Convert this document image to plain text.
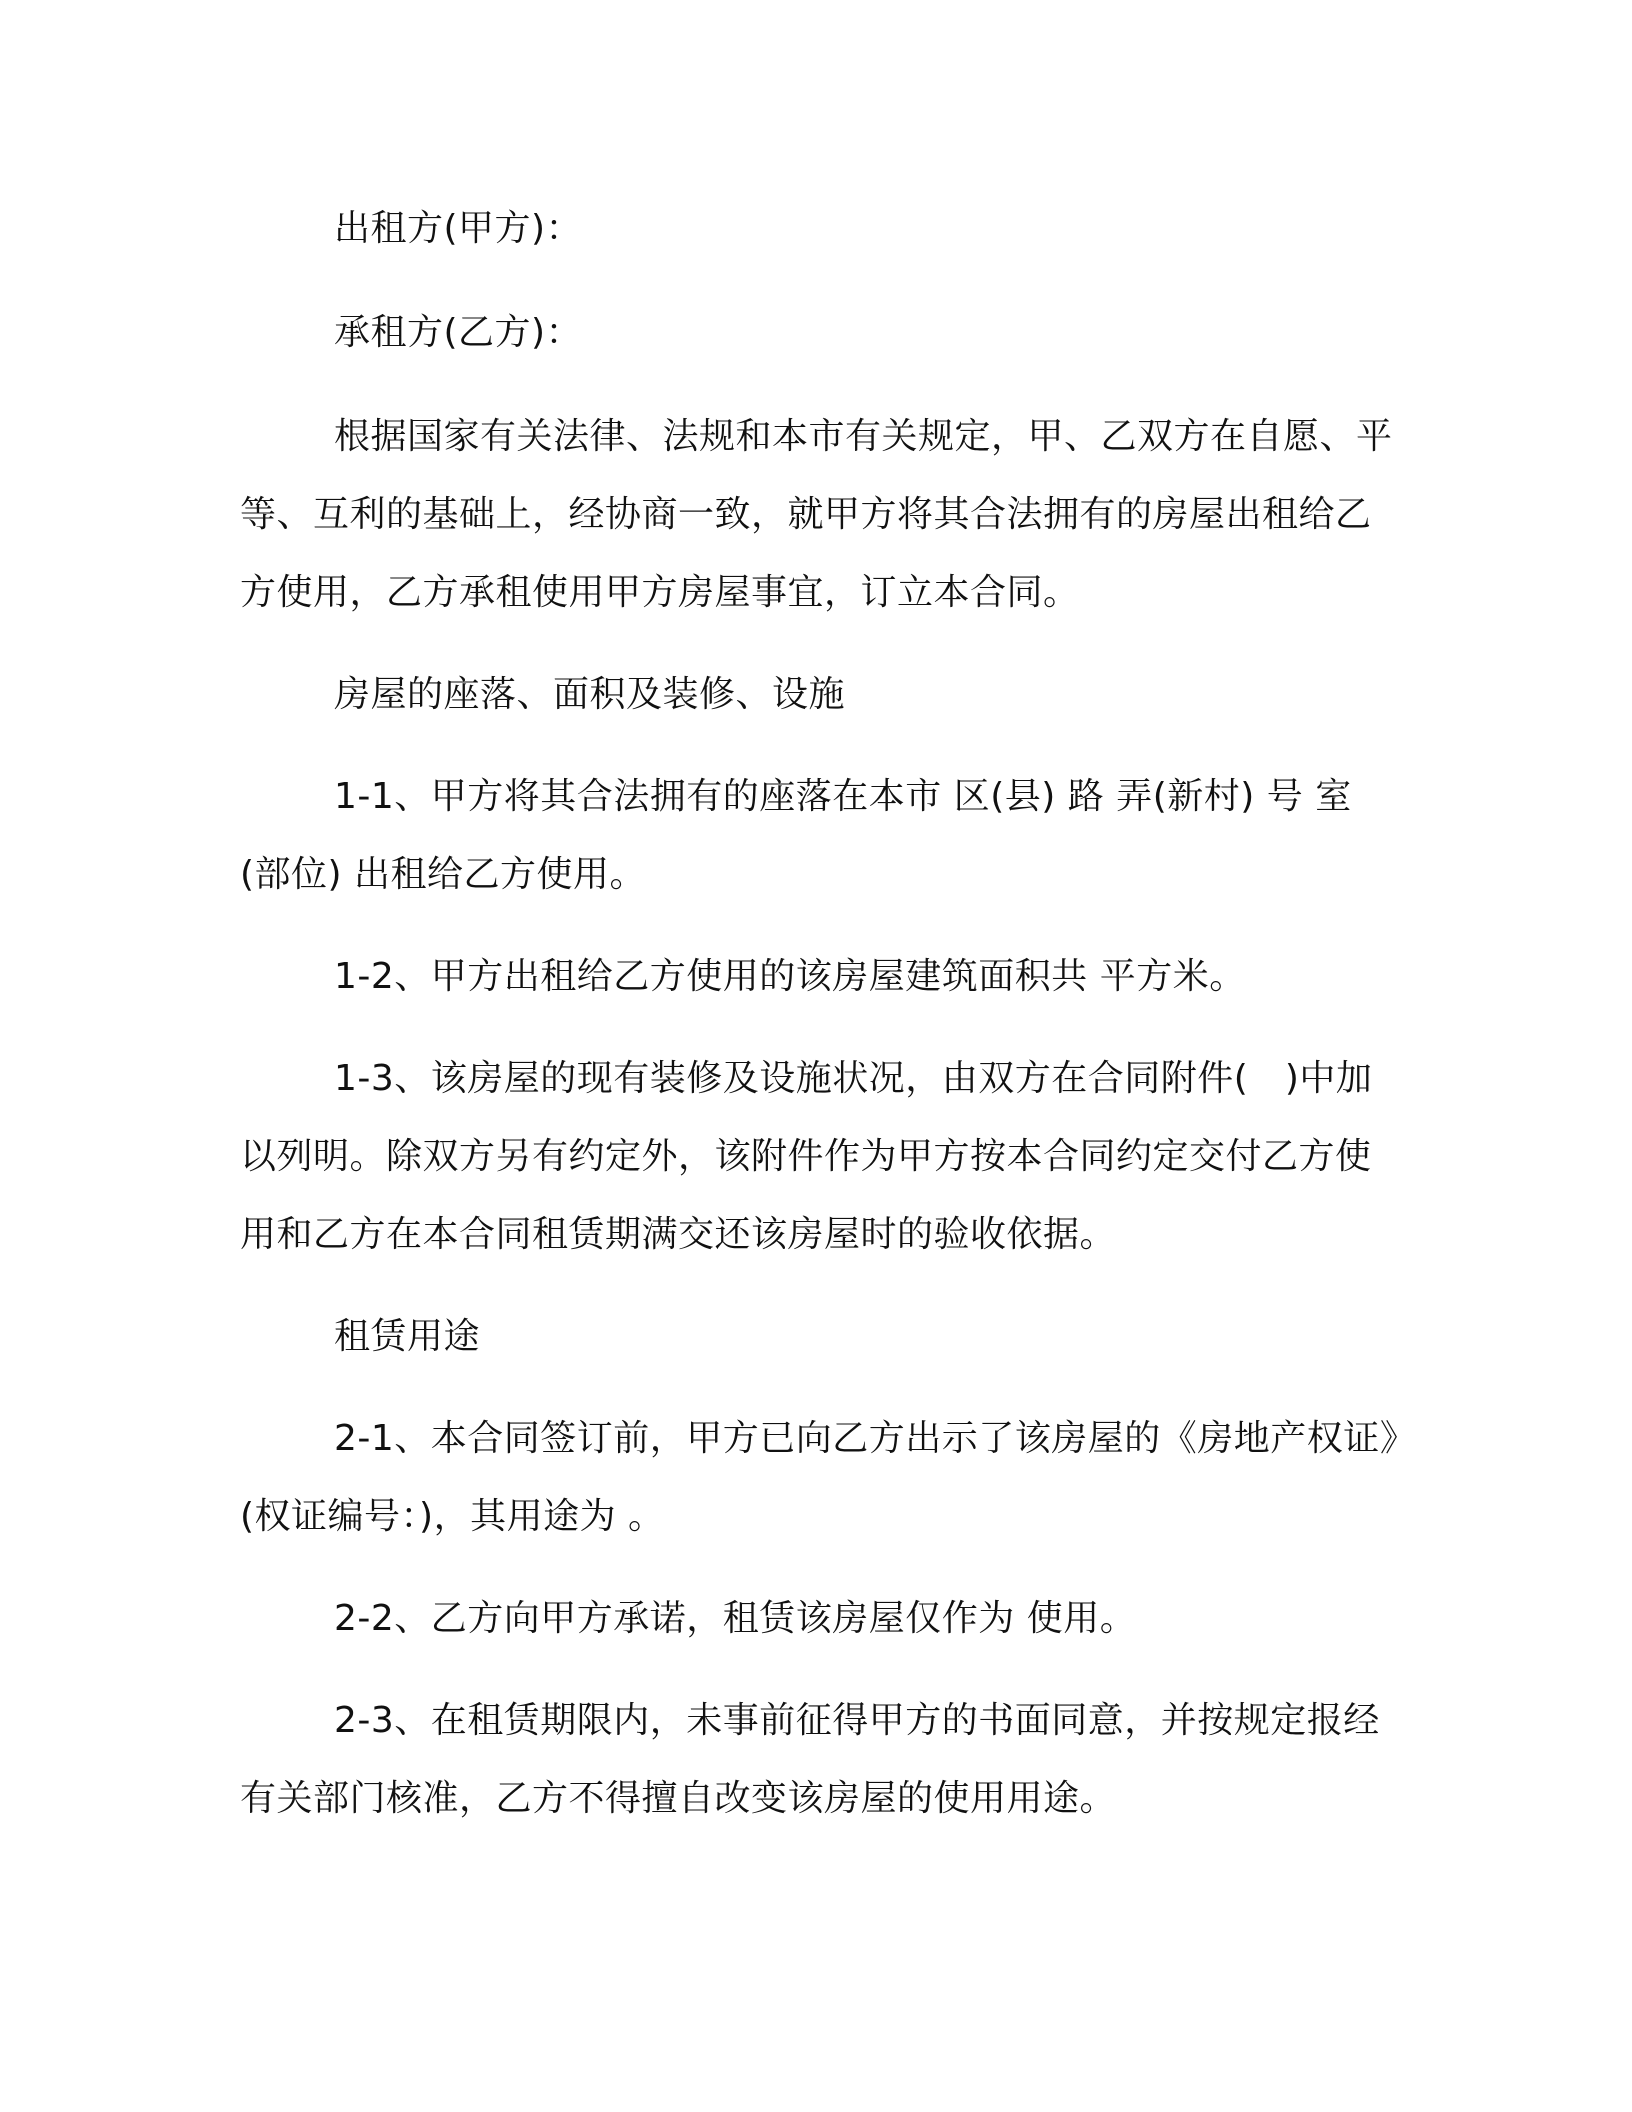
出租方(甲方)：

承租方(乙方)：

根据国家有关法律、法规和本市有关规定，甲、乙双方在自愿、平等、互利的基础上，经协商一致，就甲方将其合法拥有的房屋出租给乙方使用，乙方承租使用甲方房屋事宜，订立本合同。

房屋的座落、面积及装修、设施

1-1、甲方将其合法拥有的座落在本市 区(县) 路 弄(新村) 号 室(部位) 出租给乙方使用。

1-2、甲方出租给乙方使用的该房屋建筑面积共 平方米。

1-3、该房屋的现有装修及设施状况，由双方在合同附件(　)中加以列明。除双方另有约定外，该附件作为甲方按本合同约定交付乙方使用和乙方在本合同租赁期满交还该房屋时的验收依据。

租赁用途

2-1、本合同签订前，甲方已向乙方出示了该房屋的《房地产权证》(权证编号：)，其用途为 。

2-2、乙方向甲方承诺，租赁该房屋仅作为 使用。

2-3、在租赁期限内，未事前征得甲方的书面同意，并按规定报经有关部门核准，乙方不得擅自改变该房屋的使用用途。
